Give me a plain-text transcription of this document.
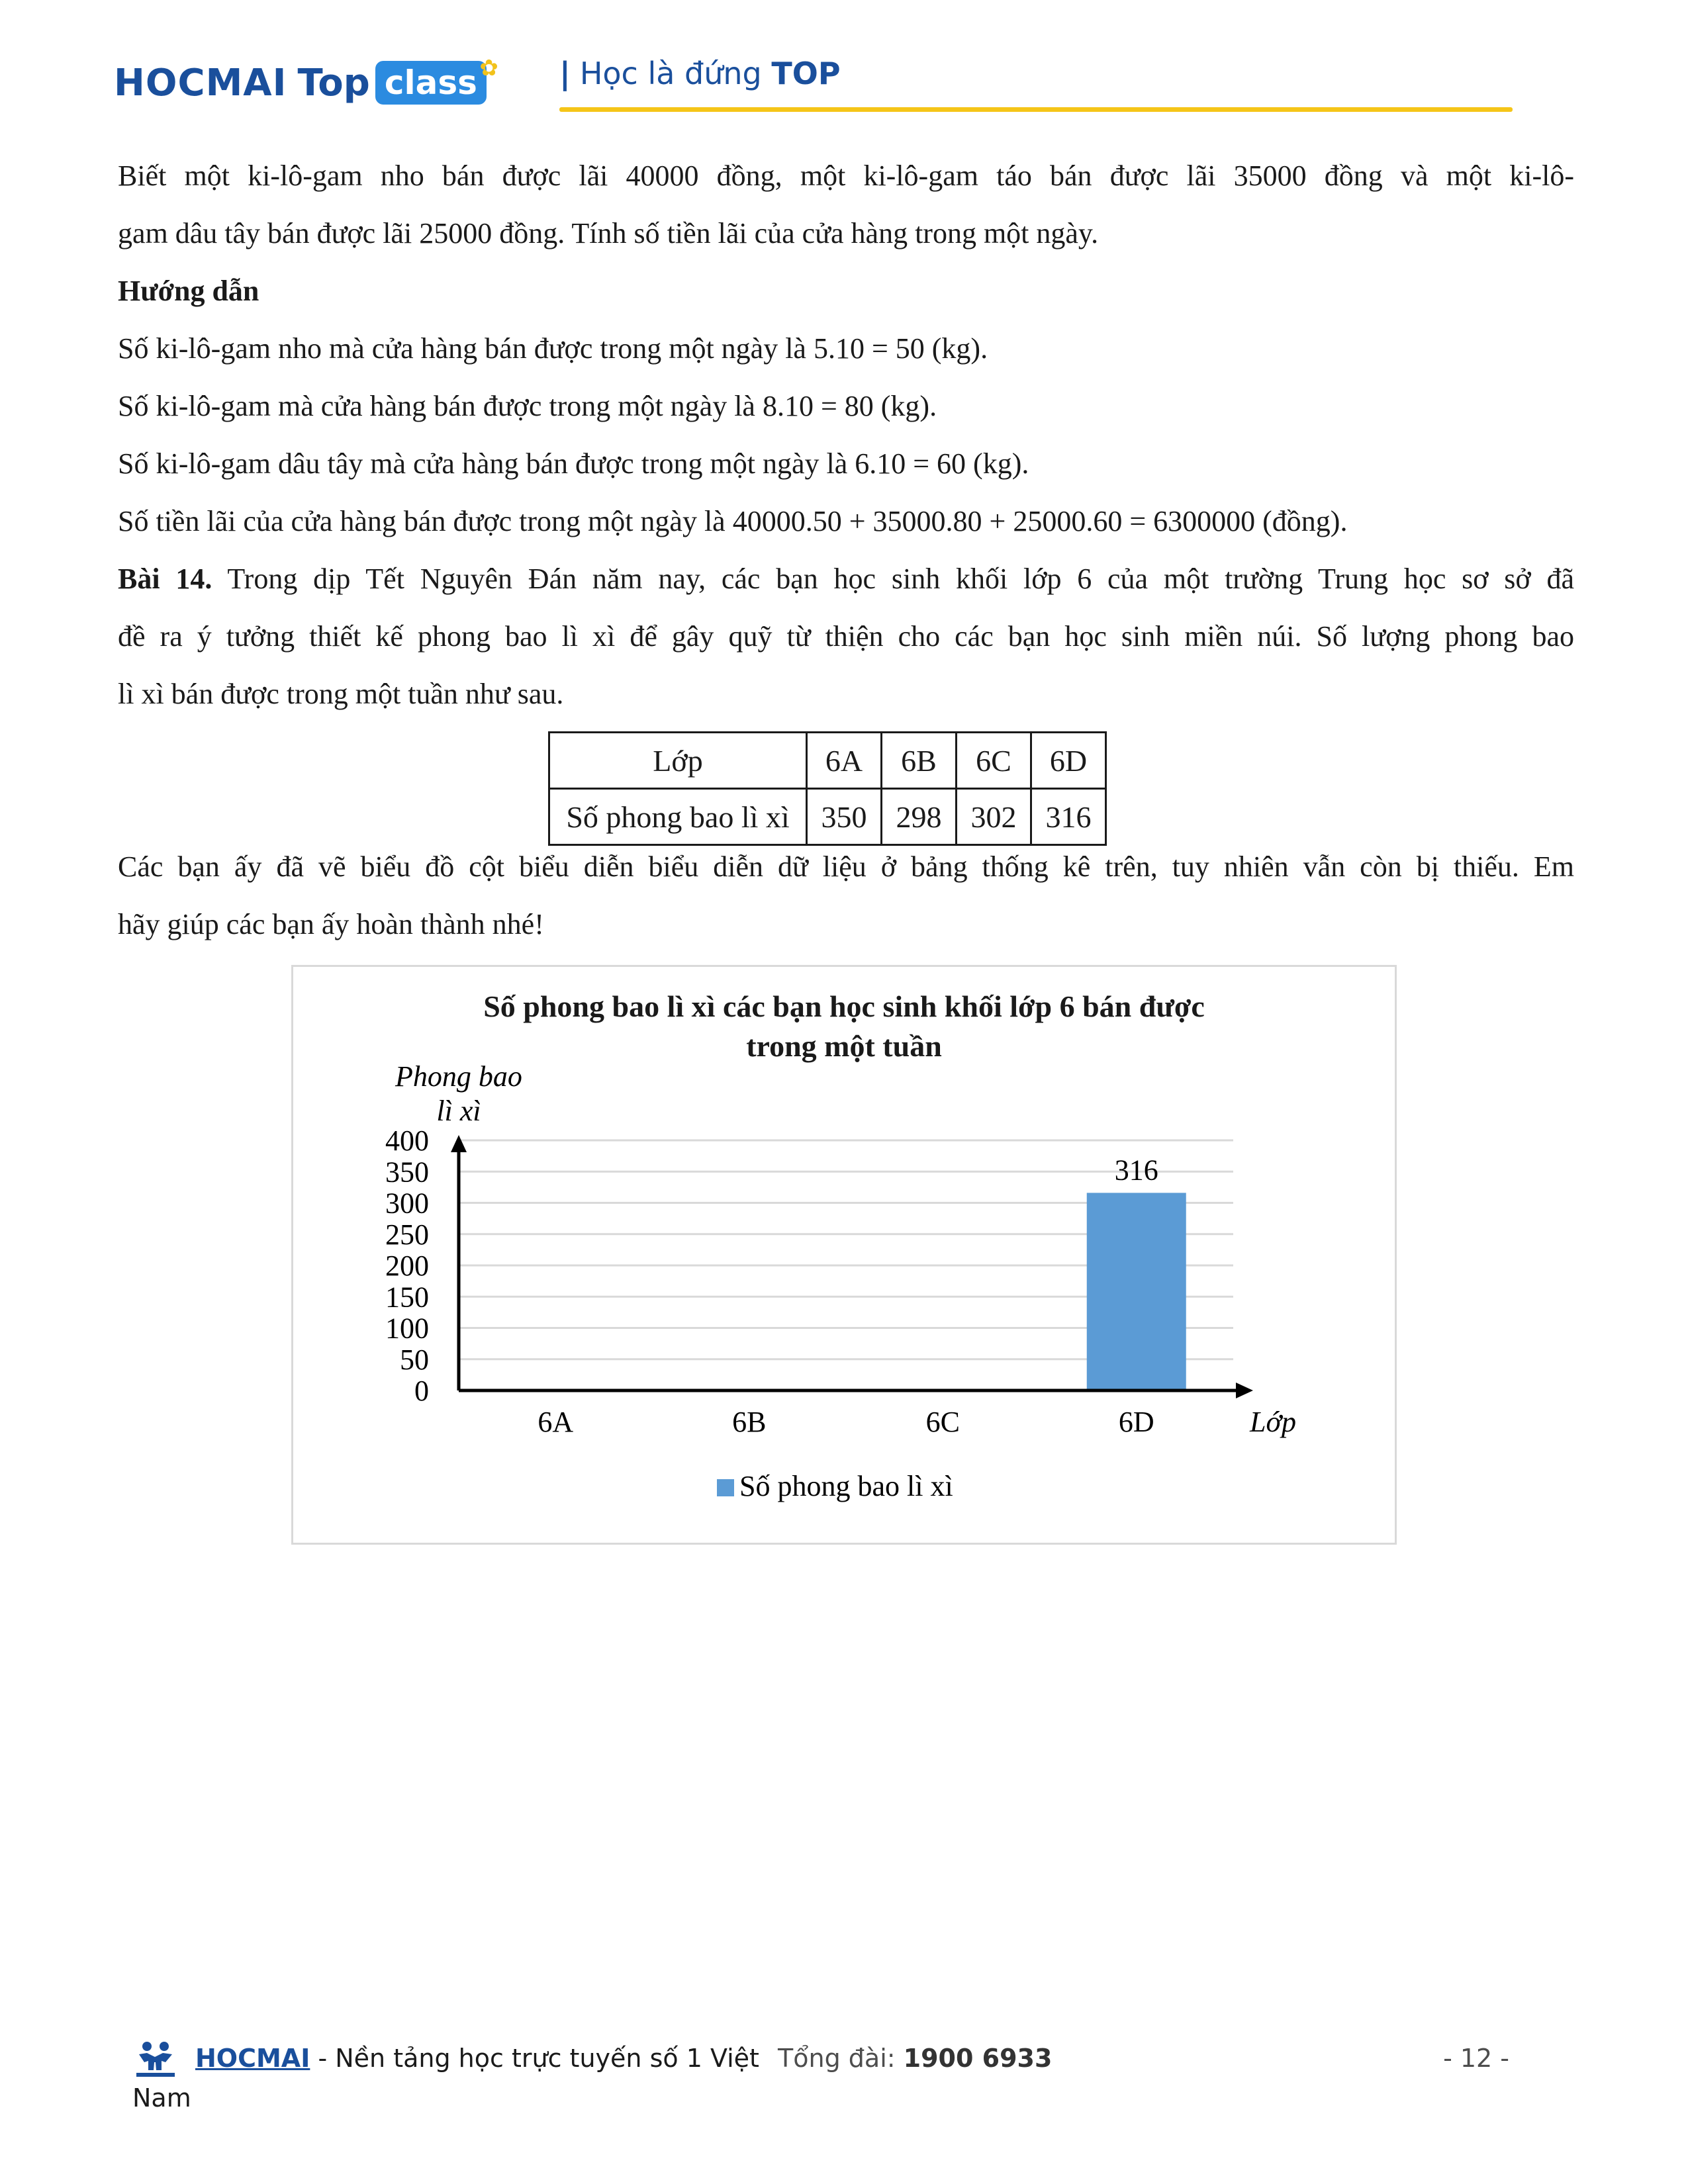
HOCMAI Top class ✿ | Học là đứng TOP

Biết một ki-lô-gam nho bán được lãi 40000 đồng, một ki-lô-gam táo bán được lãi 35000 đồng và một ki-lô-

gam dâu tây bán được lãi 25000 đồng. Tính số tiền lãi của cửa hàng trong một ngày.

Hướng dẫn

Số ki-lô-gam nho mà cửa hàng bán được trong một ngày là 5.10 = 50 (kg).

Số ki-lô-gam mà cửa hàng bán được trong một ngày là 8.10 = 80 (kg).

Số ki-lô-gam dâu tây mà cửa hàng bán được trong một ngày là 6.10 = 60 (kg).

Số tiền lãi của cửa hàng bán được trong một ngày là 40000.50 + 35000.80 + 25000.60 = 6300000 (đồng).

Bài 14. Trong dịp Tết Nguyên Đán năm nay, các bạn học sinh khối lớp 6 của một trường Trung học sơ sở đã

đề ra ý tưởng thiết kế phong bao lì xì để gây quỹ từ thiện cho các bạn học sinh miền núi. Số lượng phong bao

lì xì bán được trong một tuần như sau.

Các bạn ấy đã vẽ biểu đồ cột biểu diễn biểu diễn dữ liệu ở bảng thống kê trên, tuy nhiên vẫn còn bị thiếu. Em

hãy giúp các bạn ấy hoàn thành nhé!

Lớp	6A	6B	6C	6D
Số phong bao lì xì	350	298	302	316
Số phong bao lì xì các bạn học sinh khối lớp 6 bán được
trong một tuần
Phong bao
lì xì
0
50
100
150
200
250
300
350
400
316
6A	6B	6C	6D	Lớp
Số phong bao lì xì
HOCMAI - Nền tảng học trực tuyến số 1 Việt Tổng đài: 1900 6933	- 12 -
Nam
